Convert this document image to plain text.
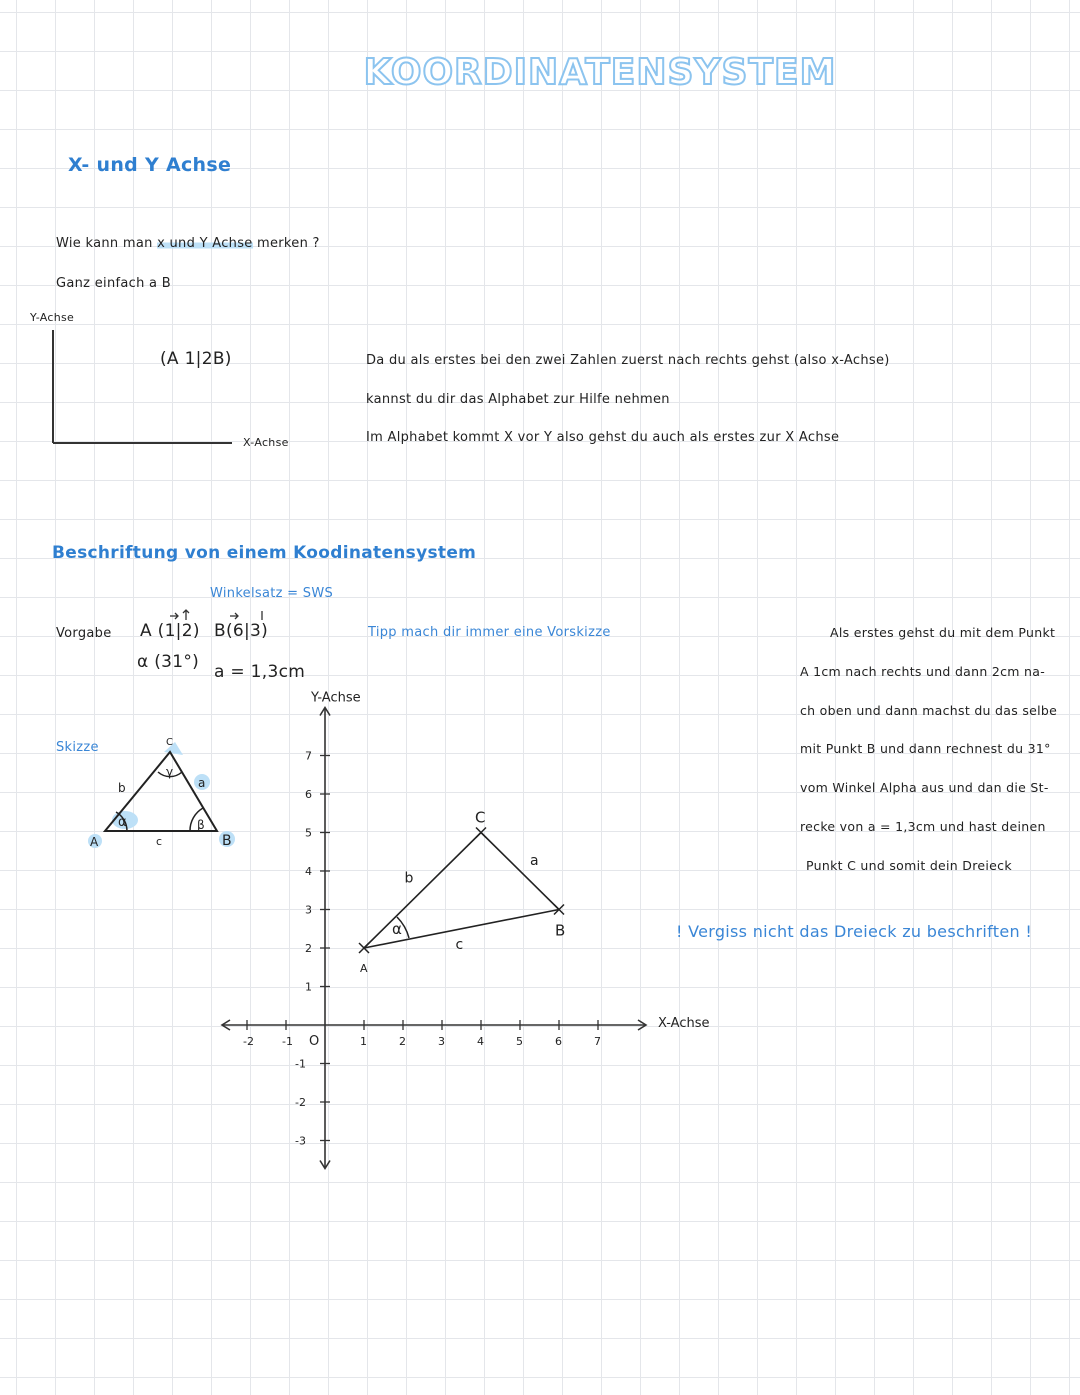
KOORDINATENSYSTEM
X- und Y Achse
Wie kann man x und Y Achse merken ?
Ganz einfach a B
Y-Achse
X-Achse
(A 1|2B)	Da du als erstes bei den zwei Zahlen zuerst nach rechts gehst (also x-Achse)
kannst du dir das Alphabet zur Hilfe nehmen
Im Alphabet kommt X vor Y also gehst du auch als erstes zur X Achse
Beschriftung von einem Koodinatensystem
Winkelsatz = SWS
Vorgabe A (1|2) B(6|3)
α (31°) a = 1,3cm
Tipp mach dir immer eine Vorskizze	Als erstes gehst du mit dem Punkt
A 1cm nach rechts und dann 2cm na-
ch oben und dann machst du das selbe
mit Punkt B und dann rechnest du 31°
vom Winkel Alpha aus und dan die St-
recke von a = 1,3cm und hast deinen
Punkt C und somit dein Dreieck
! Vergiss nicht das Dreieck zu beschriften !
Skizze
A	B
C
a
b
c
α	β
γ
X-Achse
Y-Achse
-2	-1	1	2	3	4	5	6	7
-3
-2
-1
1
2
3
4
5
6
7
O
b
a
c
A
B
C
α
